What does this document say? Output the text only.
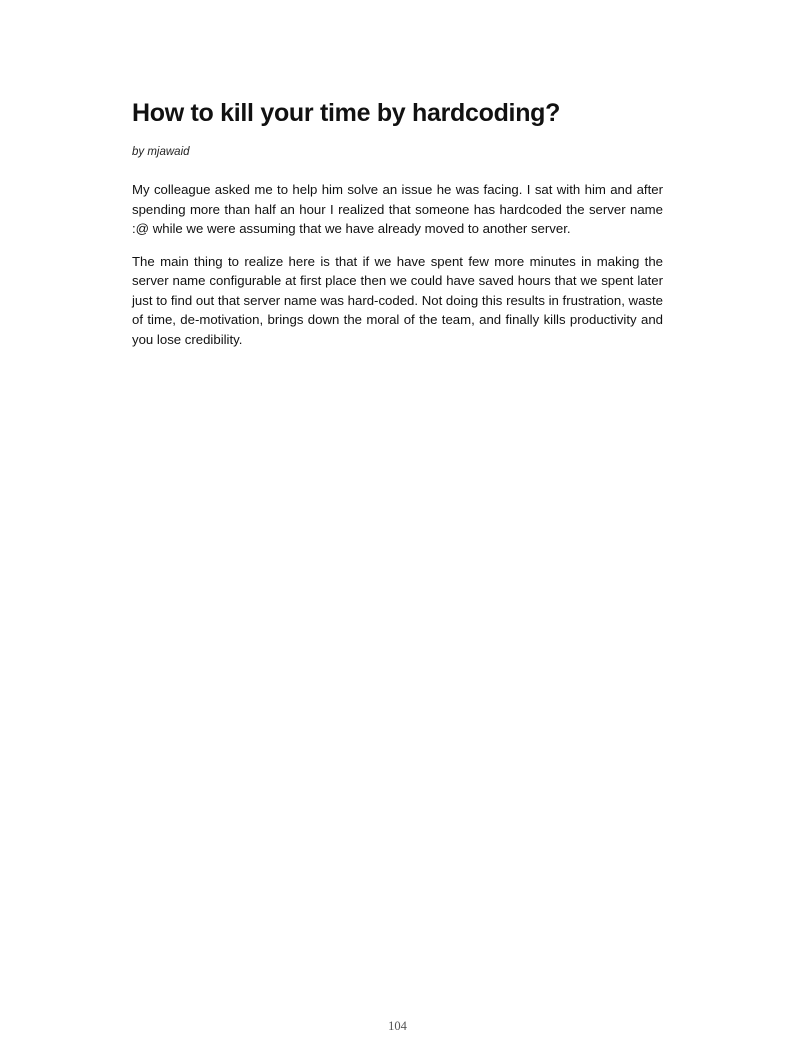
How to kill your time by hardcoding?

by mjawaid

My colleague asked me to help him solve an issue he was facing. I sat with him and after spending more than half an hour I realized that someone has hardcoded the server name :@ while we were assuming that we have already moved to another server.

The main thing to realize here is that if we have spent few more minutes in making the server name configurable at first place then we could have saved hours that we spent later just to find out that server name was hard-coded. Not doing this results in frustration, waste of time, de-motivation, brings down the moral of the team, and finally kills productivity and you lose credibility.

104
